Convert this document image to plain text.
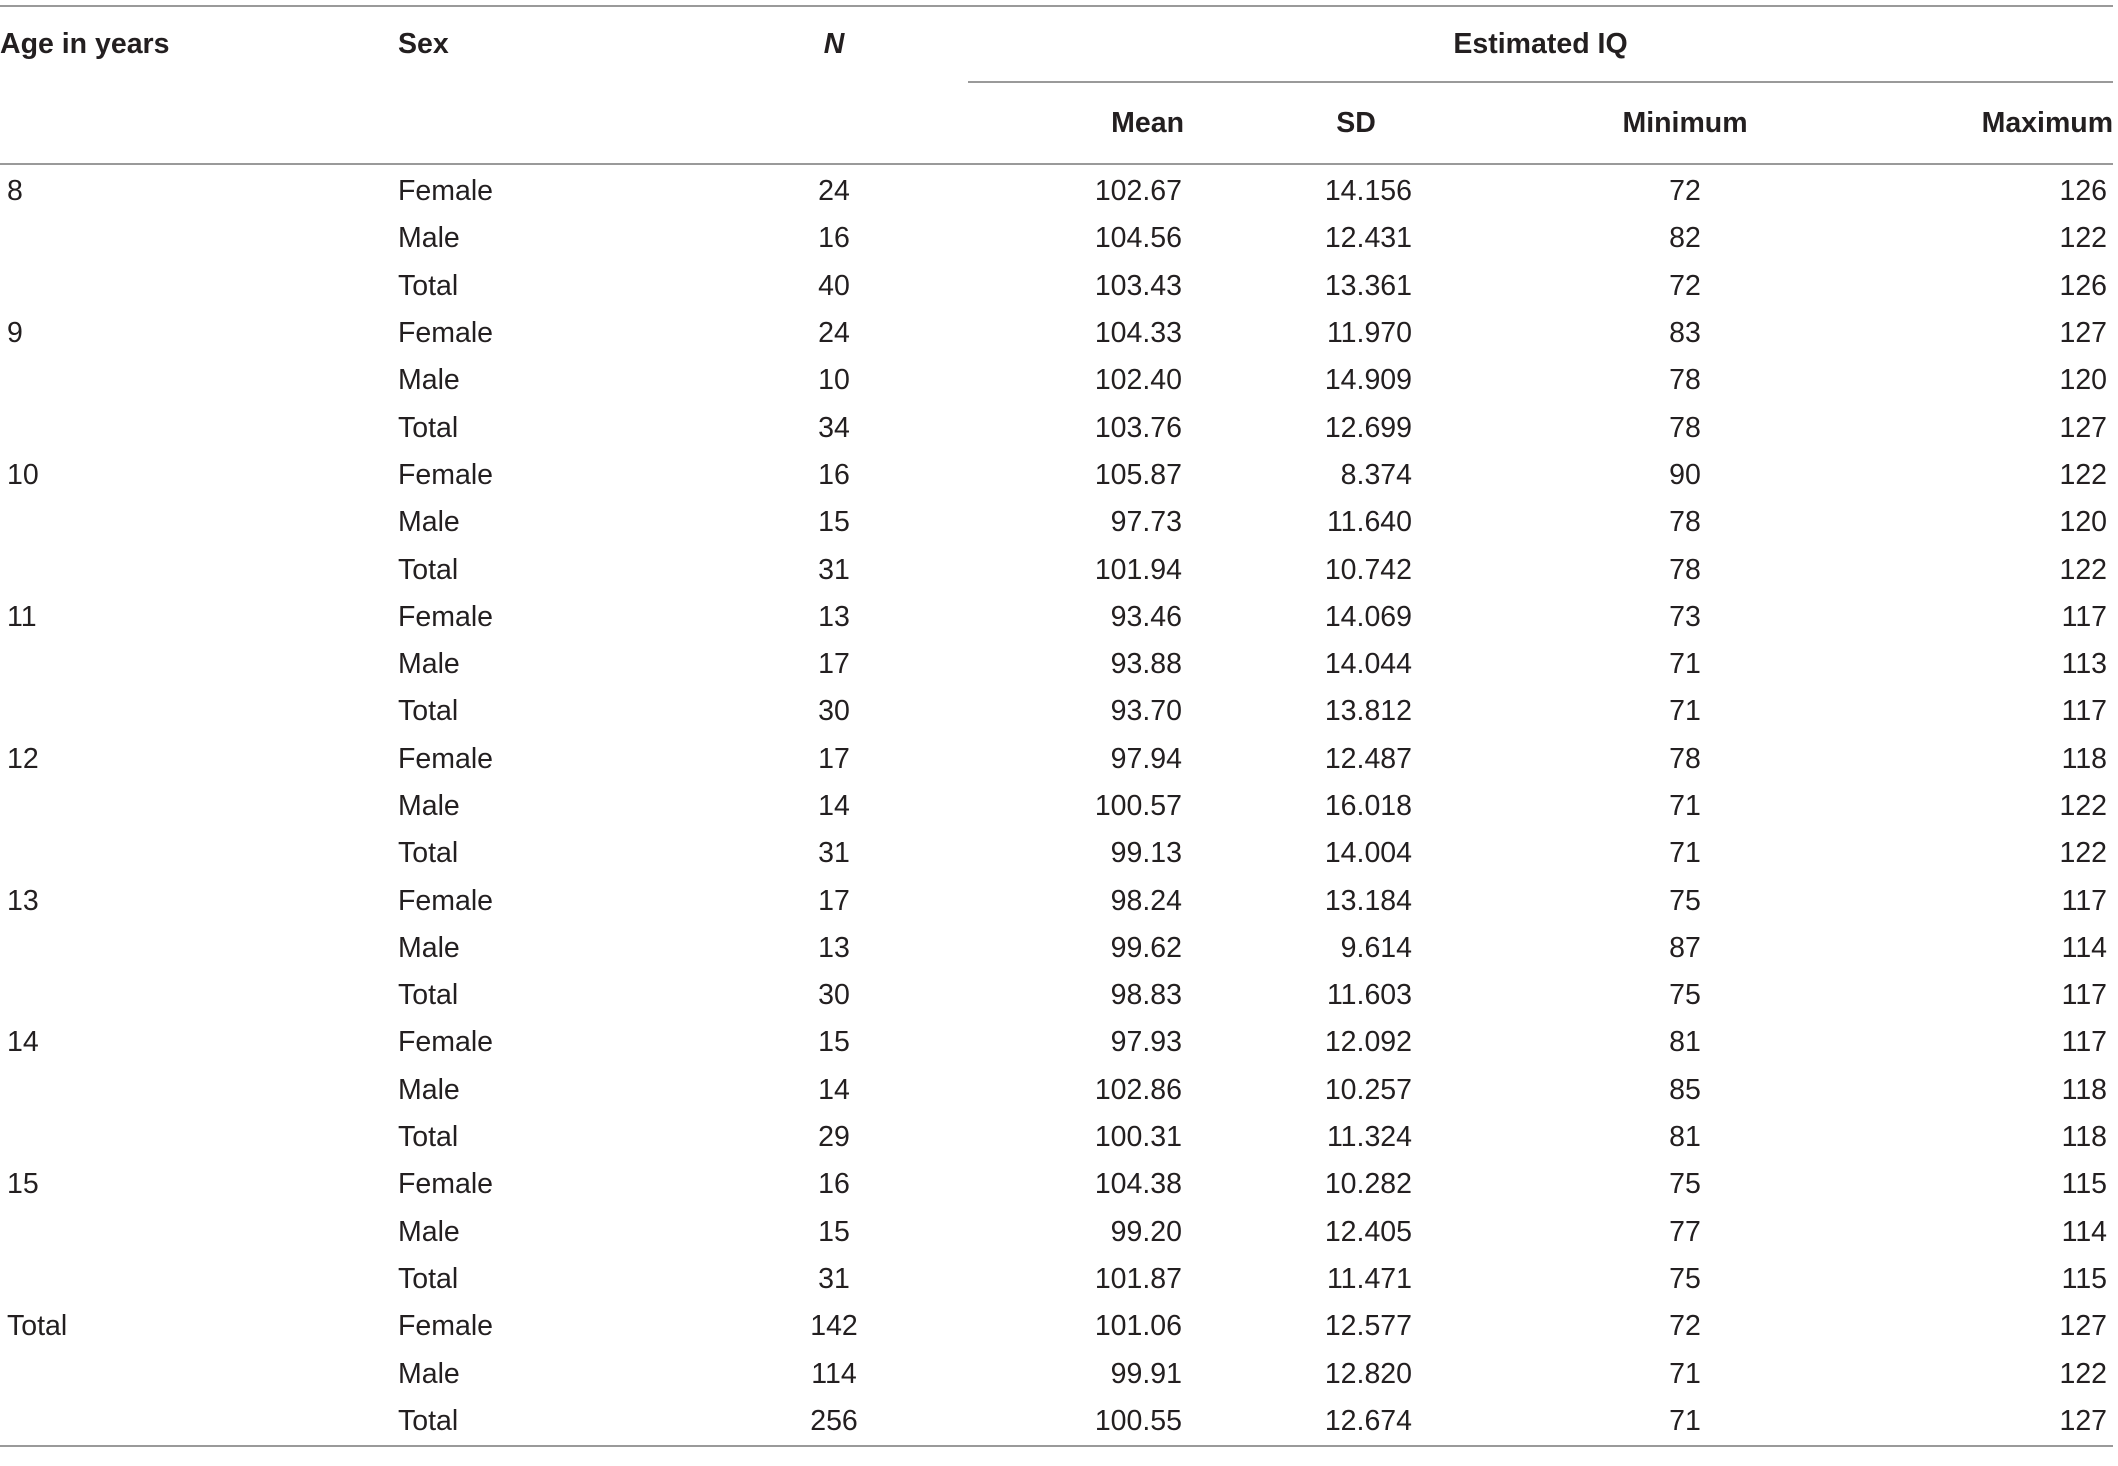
Age in years	Sex	N	Estimated IQ			
			Mean	SD	Minimum	Maximum
8	Female	24	102.67	14.156	72	126
	Male	16	104.56	12.431	82	122
	Total	40	103.43	13.361	72	126
9	Female	24	104.33	11.970	83	127
	Male	10	102.40	14.909	78	120
	Total	34	103.76	12.699	78	127
10	Female	16	105.87	8.374	90	122
	Male	15	97.73	11.640	78	120
	Total	31	101.94	10.742	78	122
11	Female	13	93.46	14.069	73	117
	Male	17	93.88	14.044	71	113
	Total	30	93.70	13.812	71	117
12	Female	17	97.94	12.487	78	118
	Male	14	100.57	16.018	71	122
	Total	31	99.13	14.004	71	122
13	Female	17	98.24	13.184	75	117
	Male	13	99.62	9.614	87	114
	Total	30	98.83	11.603	75	117
14	Female	15	97.93	12.092	81	117
	Male	14	102.86	10.257	85	118
	Total	29	100.31	11.324	81	118
15	Female	16	104.38	10.282	75	115
	Male	15	99.20	12.405	77	114
	Total	31	101.87	11.471	75	115
Total	Female	142	101.06	12.577	72	127
	Male	114	99.91	12.820	71	122
	Total	256	100.55	12.674	71	127
